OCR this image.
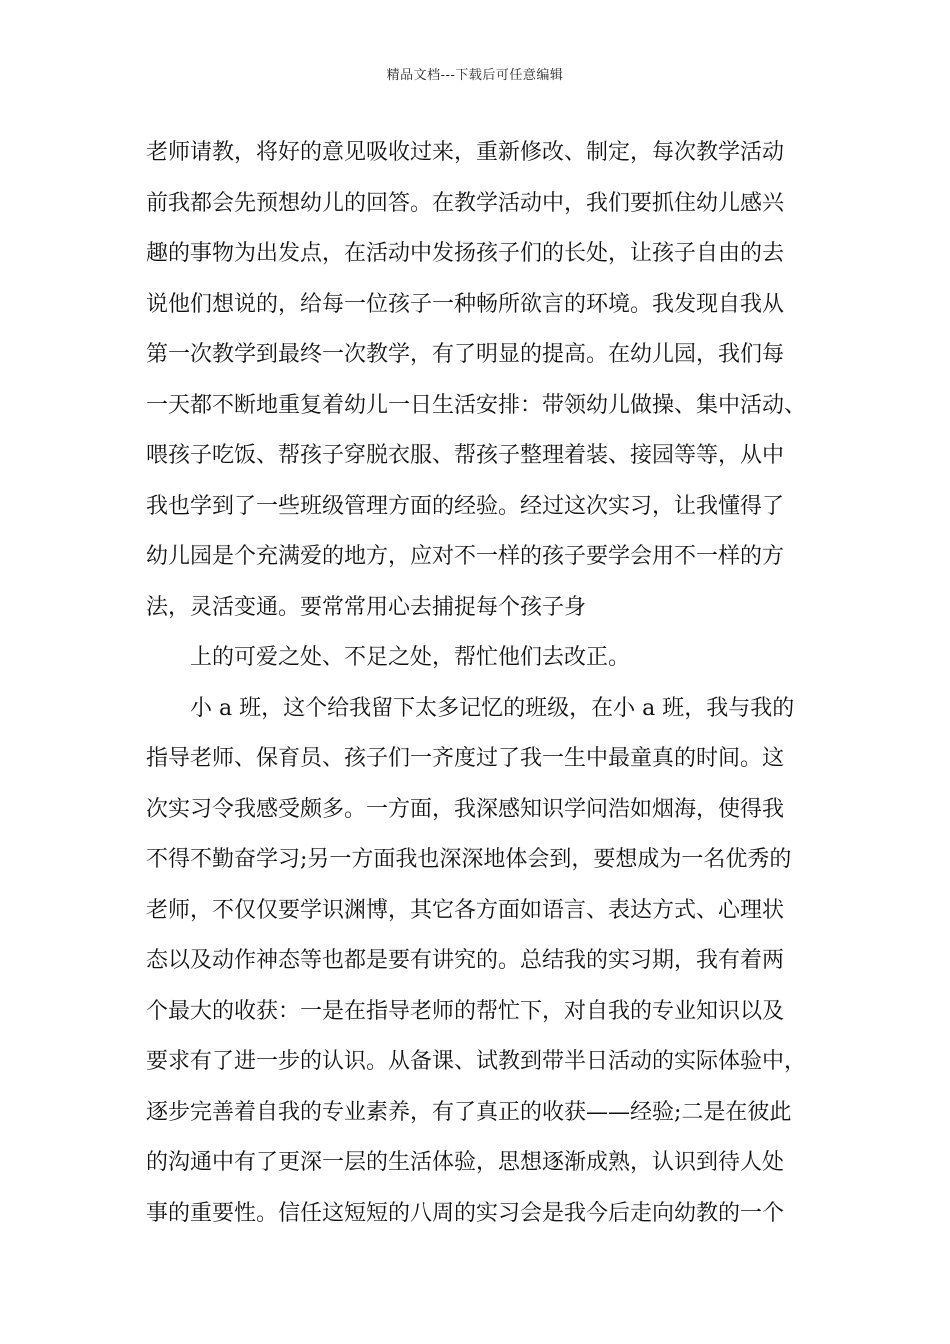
精品文档---下载后可任意编辑
老师请教，将好的意见吸收过来，重新修改、制定，每次教学活动
前我都会先预想幼儿的回答。在教学活动中，我们要抓住幼儿感兴
趣的事物为出发点，在活动中发扬孩子们的长处，让孩子自由的去
说他们想说的，给每一位孩子一种畅所欲言的环境。我发现自我从
第一次教学到最终一次教学，有了明显的提高。在幼儿园，我们每
一天都不断地重复着幼儿一日生活安排：带领幼儿做操、集中活动、
喂孩子吃饭、帮孩子穿脱衣服、帮孩子整理着装、接园等等，从中
我也学到了一些班级管理方面的经验。经过这次实习，让我懂得了
幼儿园是个充满爱的地方，应对不一样的孩子要学会用不一样的方
法，灵活变通。要常常用心去捕捉每个孩子身
上的可爱之处、不足之处，帮忙他们去改正。
小 a 班，这个给我留下太多记忆的班级，在小 a 班，我与我的
指导老师、保育员、孩子们一齐度过了我一生中最童真的时间。这
次实习令我感受颇多。一方面，我深感知识学问浩如烟海，使得我
不得不勤奋学习;另一方面我也深深地体会到，要想成为一名优秀的
老师，不仅仅要学识渊博，其它各方面如语言、表达方式、心理状
态以及动作神态等也都是要有讲究的。总结我的实习期，我有着两
个最大的收获：一是在指导老师的帮忙下，对自我的专业知识以及
要求有了进一步的认识。从备课、试教到带半日活动的实际体验中，
逐步完善着自我的专业素养，有了真正的收获——经验;二是在彼此
的沟通中有了更深一层的生活体验，思想逐渐成熟，认识到待人处
事的重要性。信任这短短的八周的实习会是我今后走向幼教的一个
